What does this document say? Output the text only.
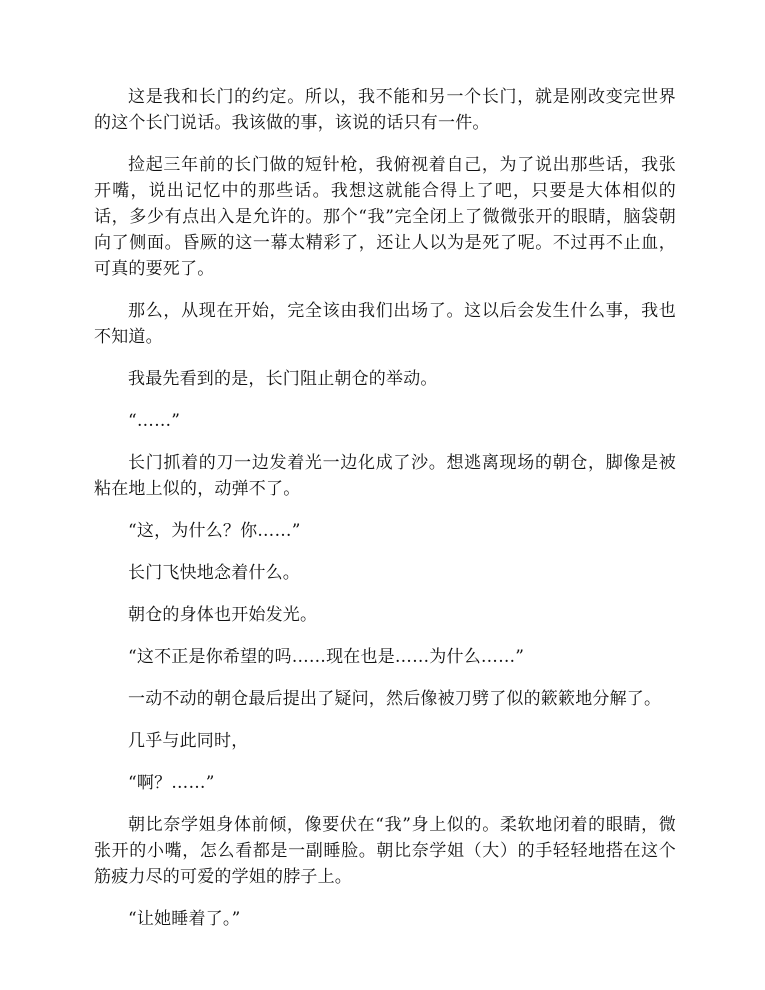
这是我和长门的约定。所以，我不能和另一个长门，就是刚改变完世界的这个长门说话。我该做的事，该说的话只有一件。

捡起三年前的长门做的短针枪，我俯视着自己，为了说出那些话，我张开嘴，说出记忆中的那些话。我想这就能合得上了吧，只要是大体相似的话，多少有点出入是允许的。那个“我”完全闭上了微微张开的眼睛，脑袋朝向了侧面。昏厥的这一幕太精彩了，还让人以为是死了呢。不过再不止血，可真的要死了。

那么，从现在开始，完全该由我们出场了。这以后会发生什么事，我也不知道。

我最先看到的是，长门阻止朝仓的举动。

“……”

长门抓着的刀一边发着光一边化成了沙。想逃离现场的朝仓，脚像是被粘在地上似的，动弹不了。

“这，为什么？你……”

长门飞快地念着什么。

朝仓的身体也开始发光。

“这不正是你希望的吗……现在也是……为什么……”

一动不动的朝仓最后提出了疑问，然后像被刀劈了似的簌簌地分解了。

几乎与此同时，

“啊？……”

朝比奈学姐身体前倾，像要伏在“我”身上似的。柔软地闭着的眼睛，微张开的小嘴，怎么看都是一副睡脸。朝比奈学姐（大）的手轻轻地搭在这个筋疲力尽的可爱的学姐的脖子上。

“让她睡着了。”
